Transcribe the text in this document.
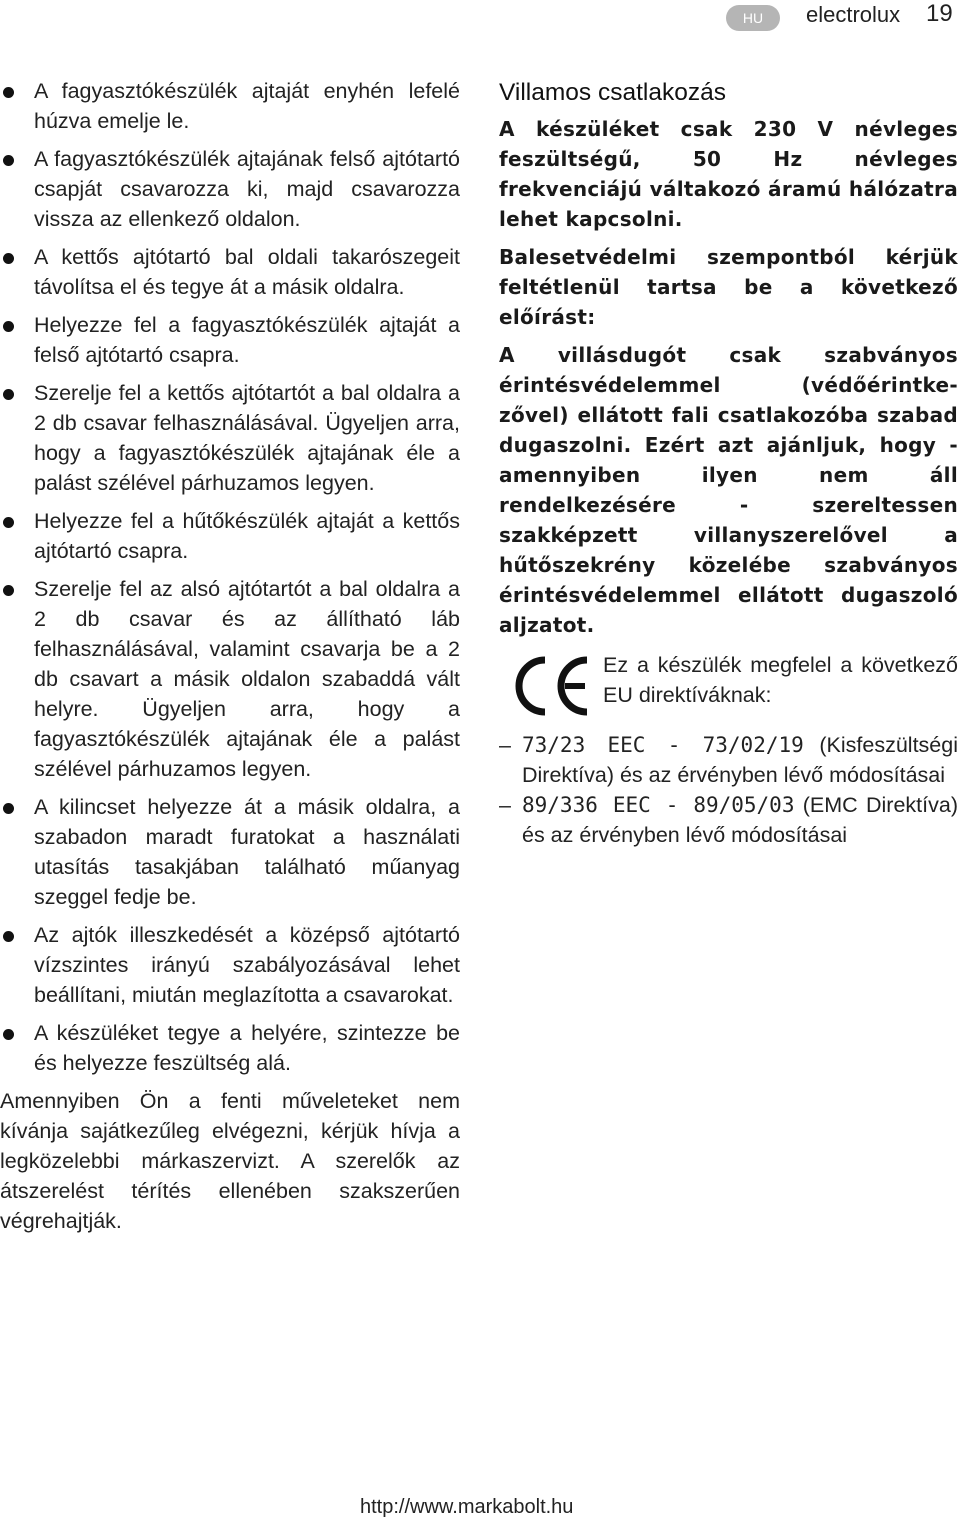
HU	electrolux 19
A fagyasztókészülék ajtaját enyhén lefelé húzva emelje le.
A fagyasztókészülék ajtajának felső ajtótartó csapját csavarozza ki, majd csavarozza vissza az ellenkező oldalon.
A kettős ajtótartó bal oldali takarószegeit távolítsa el és tegye át a másik oldalra.
Helyezze fel a fagyasztókészülék ajtaját a felső ajtótartó csapra.
Szerelje fel a kettős ajtótartót a bal oldalra a 2 db csavar felhasználásával. Ügyeljen arra, hogy a fagyasztókészülék ajtajának éle a palást szélével párhuzamos legyen.
Helyezze fel a hűtőkészülék ajtaját a kettős ajtótartó csapra.
Szerelje fel az alsó ajtótartót a bal oldalra a 2 db csavar és az állítható láb felhasználásával, valamint csavarja be a 2 db csavart a másik oldalon szabaddá vált helyre. Ügyeljen arra, hogy a fagyasztókészülék ajtajának éle a palást szélével párhuzamos legyen.
A kilincset helyezze át a másik oldalra, a szabadon maradt furatokat a használati utasítás tasakjában található műanyag szeggel fedje be.
Az ajtók illeszkedését a középső ajtótartó vízszintes irányú szabályozásával lehet beállítani, miután meglazította a csavarokat.
A készüléket tegye a helyére, szintezze be és helyezze feszültség alá.

Amennyiben Ön a fenti műveleteket nem kívánja sajátkezűleg elvégezni, kérjük hívja a legközelebbi márkaszervizt. A szerelők az átszerelést térítés ellenében szakszerűen végrehajtják.

Villamos csatlakozás

A készüléket csak 230 V névleges feszültségű, 50 Hz névleges frekvenciájú váltakozó áramú hálózatra lehet kapcsolni.

Balesetvédelmi szempontból kérjük feltétlenül tartsa be a következő előírást:

A villásdugót csak szabványos érintésvédelemmel (védőérintke- zővel) ellátott fali csatlakozóba szabad dugaszolni. Ezért azt ajánljuk, hogy - amennyiben ilyen nem áll rendelkezésére - szereltessen szakképzett villanyszerelővel a hűtőszekrény közelébe szabványos érintésvédelemmel ellátott dugaszoló aljzatot.

Ez a készülék megfelel a következő EU direktíváknak:
– 73/23 EEC - 73/02/19 (Kisfeszültségi Direktíva) és az érvényben lévő módosításai
– 89/336 EEC - 89/05/03 (EMC Direktíva) és az érvényben lévő módosításai
http://www.markabolt.hu
